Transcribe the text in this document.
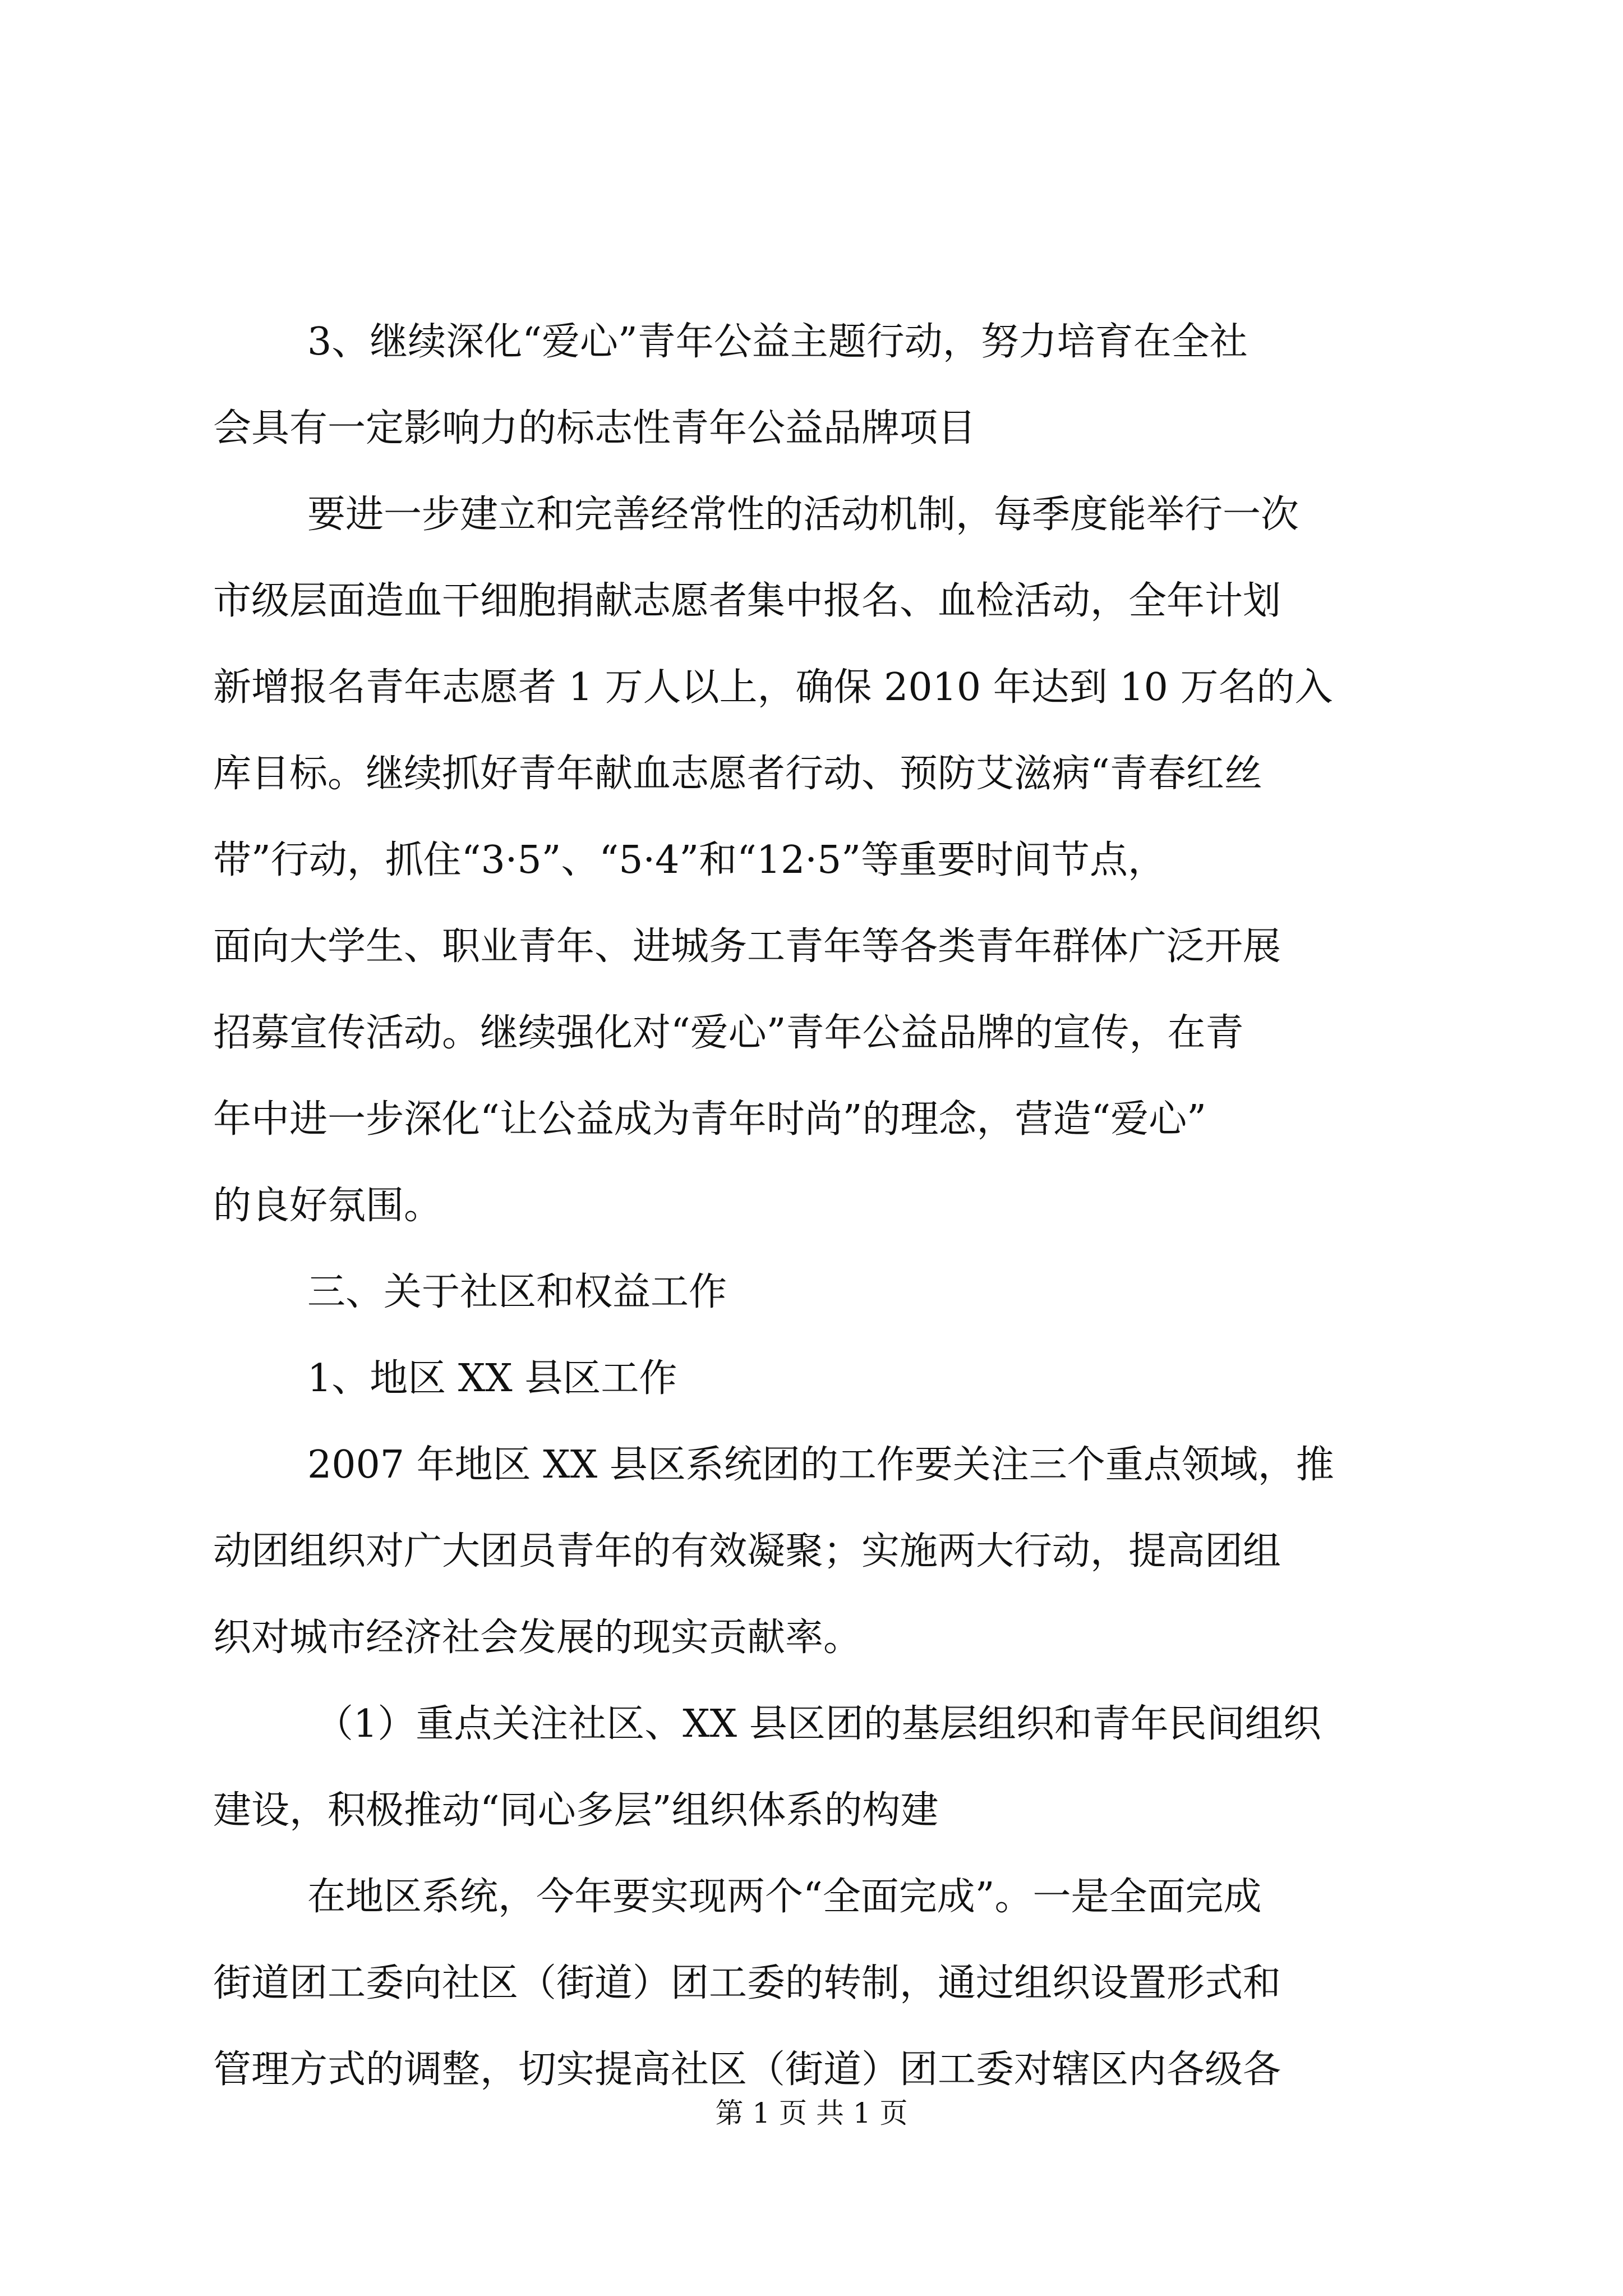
3、继续深化“爱心”青年公益主题行动，努力培育在全社
会具有一定影响力的标志性青年公益品牌项目
要进一步建立和完善经常性的活动机制，每季度能举行一次
市级层面造血干细胞捐献志愿者集中报名、血检活动，全年计划
新增报名青年志愿者 1 万人以上，确保 2010 年达到 10 万名的入
库目标。继续抓好青年献血志愿者行动、预防艾滋病“青春红丝
带”行动，抓住“3·5”、“5·4”和“12·5”等重要时间节点，
面向大学生、职业青年、进城务工青年等各类青年群体广泛开展
招募宣传活动。继续强化对“爱心”青年公益品牌的宣传，在青
年中进一步深化“让公益成为青年时尚”的理念，营造“爱心”
的良好氛围。
三、关于社区和权益工作
1、地区 XX 县区工作
2007 年地区 XX 县区系统团的工作要关注三个重点领域，推
动团组织对广大团员青年的有效凝聚；实施两大行动，提高团组
织对城市经济社会发展的现实贡献率。
（1）重点关注社区、XX 县区团的基层组织和青年民间组织
建设，积极推动“同心多层”组织体系的构建
在地区系统，今年要实现两个“全面完成”。一是全面完成
街道团工委向社区（街道）团工委的转制，通过组织设置形式和
管理方式的调整，切实提高社区（街道）团工委对辖区内各级各
第 1 页 共 1 页
